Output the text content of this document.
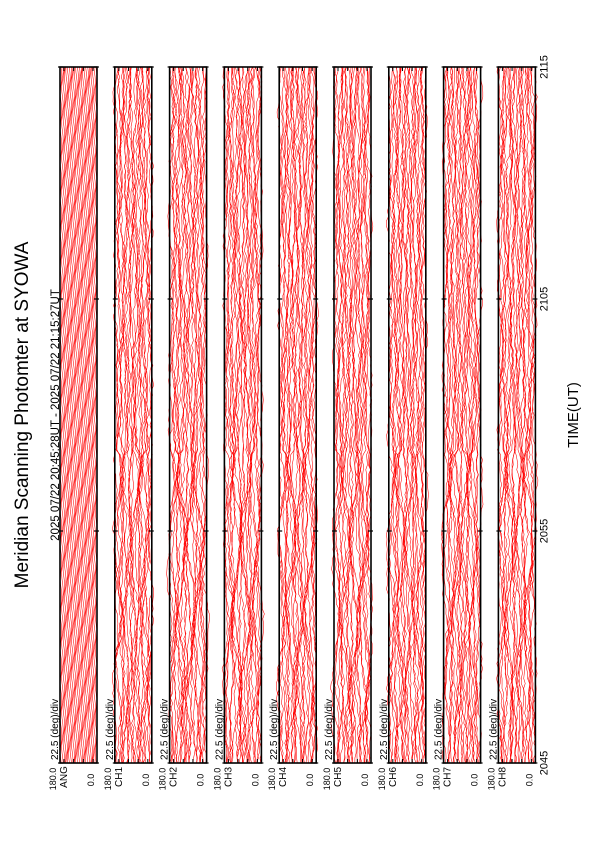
Meridian Scanning Photomter at SYOWA 2025 07/22 20:45:28UT - 2025 07/22 21:15:27UT	TIME(UT)
22.5 (deg)/div
ANG
180.0	0.0
22.5 (deg)/div
CH1
180.0	0.0
22.5 (deg)/div
CH2
180.0	0.0
22.5 (deg)/div
CH3
180.0	0.0
22.5 (deg)/div
CH4
180.0	0.0
22.5 (deg)/div
CH5
180.0	0.0
22.5 (deg)/div
CH6
180.0	0.0
22.5 (deg)/div
CH7
180.0	0.0
22.5 (deg)/div
CH8
180.0	0.0
2045
2055
2105
2115
